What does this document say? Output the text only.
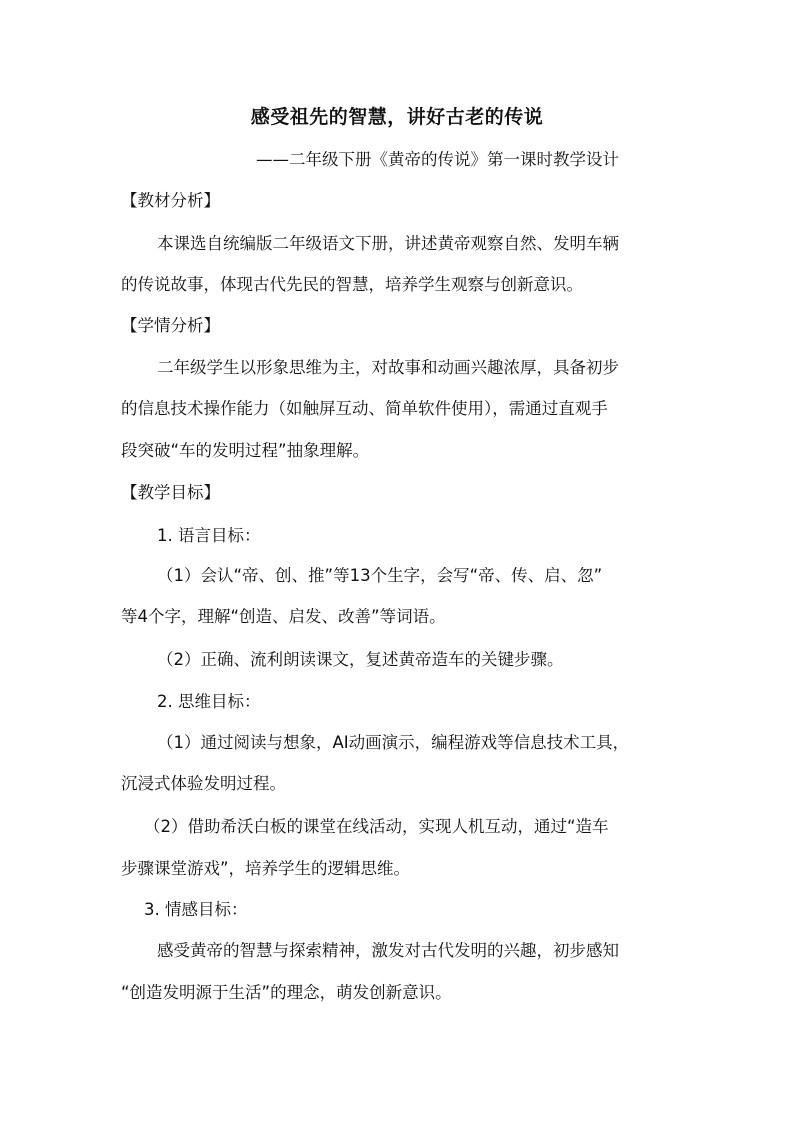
感受祖先的智慧，讲好古老的传说
——二年级下册《黄帝的传说》第一课时教学设计
【教材分析】
本课选自统编版二年级语文下册，讲述黄帝观察自然、发明车辆
的传说故事，体现古代先民的智慧，培养学生观察与创新意识。
【学情分析】
二年级学生以形象思维为主，对故事和动画兴趣浓厚，具备初步
的信息技术操作能力（如触屏互动、简单软件使用），需通过直观手
段突破“车的发明过程”抽象理解。
【教学目标】
1. 语言目标：
（1）会认“帝、创、推”等13个生字，会写“帝、传、启、忽”
等4个字，理解“创造、启发、改善”等词语。
（2）正确、流利朗读课文，复述黄帝造车的关键步骤。
2. 思维目标：
（1）通过阅读与想象，AI动画演示，编程游戏等信息技术工具，
沉浸式体验发明过程。
（2）借助希沃白板的课堂在线活动，实现人机互动，通过“造车
步骤课堂游戏”，培养学生的逻辑思维。
3. 情感目标：
感受黄帝的智慧与探索精神，激发对古代发明的兴趣，初步感知
“创造发明源于生活”的理念，萌发创新意识。
